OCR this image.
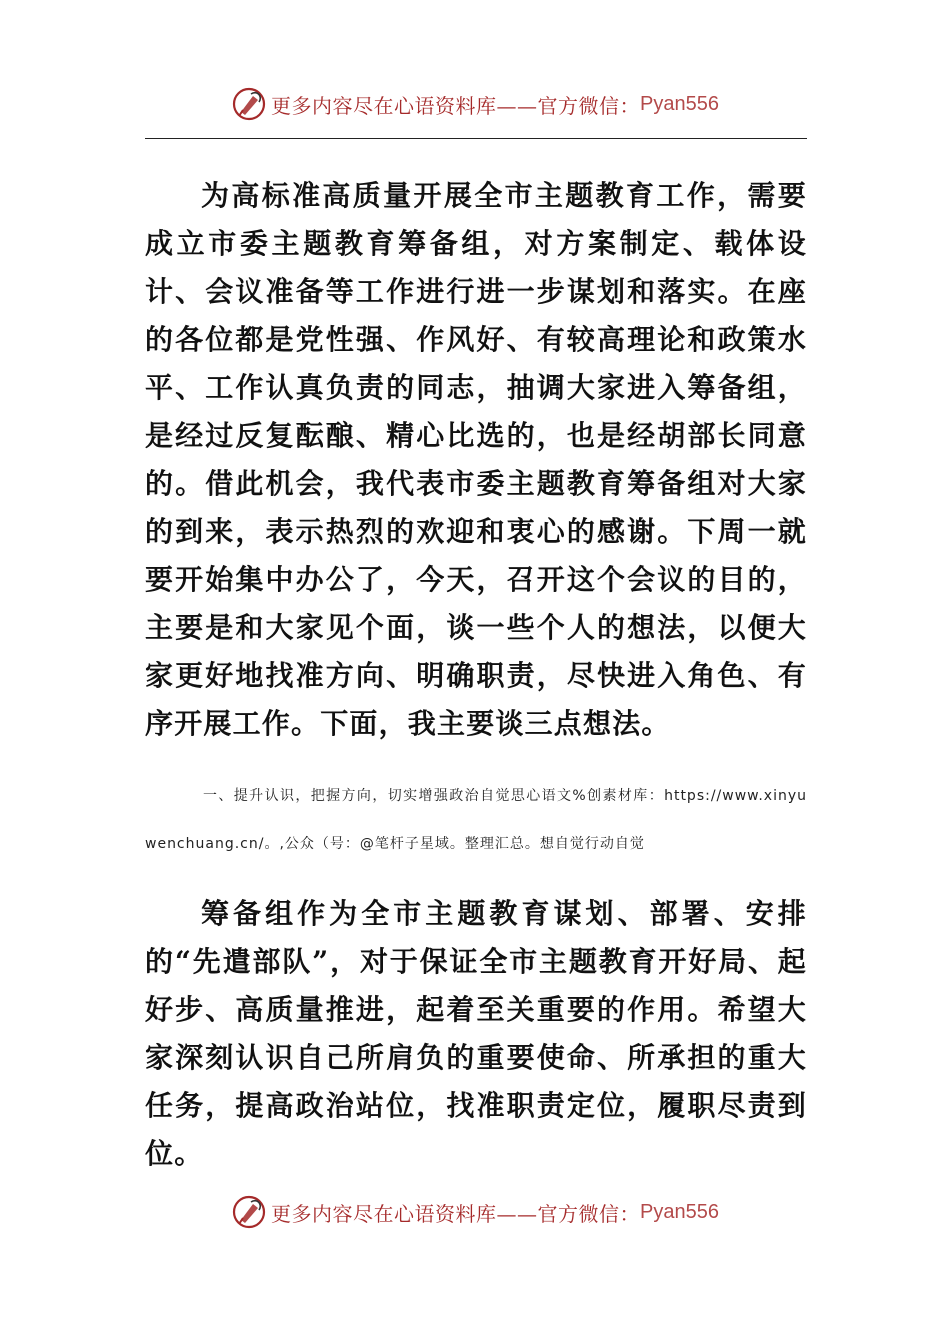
更多内容尽在心语资料库——官方微信： Pyan556

为高标准高质量开展全市主题教育工作，需要成立市委主题教育筹备组，对方案制定、载体设计、会议准备等工作进行进一步谋划和落实。在座的各位都是党性强、作风好、有较高理论和政策水平、工作认真负责的同志，抽调大家进入筹备组，是经过反复酝酿、精心比选的，也是经胡部长同意的。借此机会，我代表市委主题教育筹备组对大家的到来，表示热烈的欢迎和衷心的感谢。下周一就要开始集中办公了，今天，召开这个会议的目的，主要是和大家见个面，谈一些个人的想法，以便大家更好地找准方向、明确职责，尽快进入角色、有序开展工作。下面，我主要谈三点想法。

一、提升认识，把握方向，切实增强政治自觉思心语文%创素材库：https://www.xinyuwenchuang.cn/。,公众（号：@笔杆子星域。整理汇总。想自觉行动自觉

筹备组作为全市主题教育谋划、部署、安排的“先遣部队”，对于保证全市主题教育开好局、起好步、高质量推进，起着至关重要的作用。希望大家深刻认识自己所肩负的重要使命、所承担的重大任务，提高政治站位，找准职责定位，履职尽责到位。

更多内容尽在心语资料库——官方微信： Pyan556
